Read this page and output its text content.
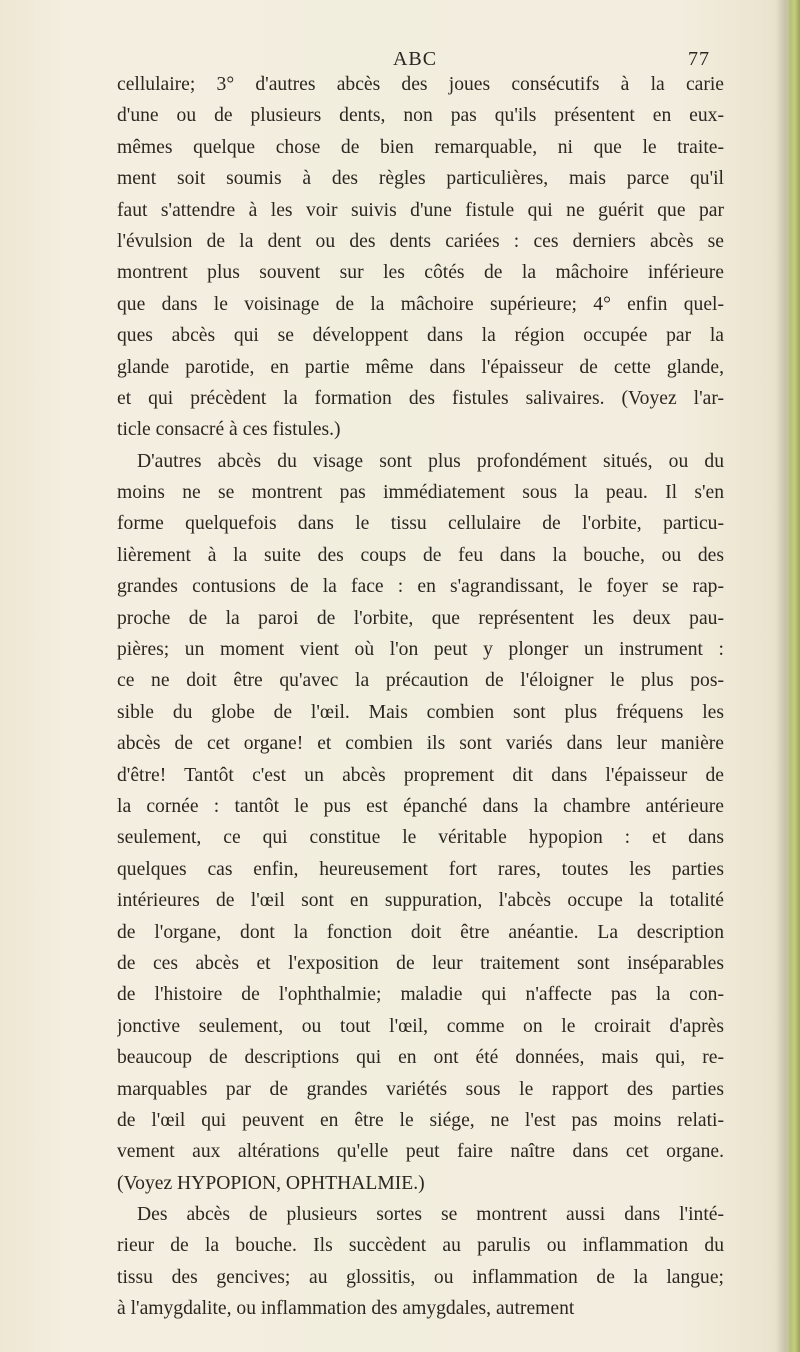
ABC	77
cellulaire; 3° d'autres abcès des joues consécutifs à la carie
d'une ou de plusieurs dents, non pas qu'ils présentent en eux-
mêmes quelque chose de bien remarquable, ni que le traite-
ment soit soumis à des règles particulières, mais parce qu'il
faut s'attendre à les voir suivis d'une fistule qui ne guérit que par
l'évulsion de la dent ou des dents cariées : ces derniers abcès se
montrent plus souvent sur les côtés de la mâchoire inférieure
que dans le voisinage de la mâchoire supérieure; 4° enfin quel-
ques abcès qui se développent dans la région occupée par la
glande parotide, en partie même dans l'épaisseur de cette glande,
et qui précèdent la formation des fistules salivaires. (Voyez l'ar-
ticle consacré à ces fistules.)
D'autres abcès du visage sont plus profondément situés, ou du
moins ne se montrent pas immédiatement sous la peau. Il s'en
forme quelquefois dans le tissu cellulaire de l'orbite, particu-
lièrement à la suite des coups de feu dans la bouche, ou des
grandes contusions de la face : en s'agrandissant, le foyer se rap-
proche de la paroi de l'orbite, que représentent les deux pau-
pières; un moment vient où l'on peut y plonger un instrument :
ce ne doit être qu'avec la précaution de l'éloigner le plus pos-
sible du globe de l'œil. Mais combien sont plus fréquens les
abcès de cet organe! et combien ils sont variés dans leur manière
d'être! Tantôt c'est un abcès proprement dit dans l'épaisseur de
la cornée : tantôt le pus est épanché dans la chambre antérieure
seulement, ce qui constitue le véritable hypopion : et dans
quelques cas enfin, heureusement fort rares, toutes les parties
intérieures de l'œil sont en suppuration, l'abcès occupe la totalité
de l'organe, dont la fonction doit être anéantie. La description
de ces abcès et l'exposition de leur traitement sont inséparables
de l'histoire de l'ophthalmie; maladie qui n'affecte pas la con-
jonctive seulement, ou tout l'œil, comme on le croirait d'après
beaucoup de descriptions qui en ont été données, mais qui, re-
marquables par de grandes variétés sous le rapport des parties
de l'œil qui peuvent en être le siége, ne l'est pas moins relati-
vement aux altérations qu'elle peut faire naître dans cet organe.
(Voyez HYPOPION, OPHTHALMIE.)
Des abcès de plusieurs sortes se montrent aussi dans l'inté-
rieur de la bouche. Ils succèdent au parulis ou inflammation du
tissu des gencives; au glossitis, ou inflammation de la langue;
à l'amygdalite, ou inflammation des amygdales, autrement
